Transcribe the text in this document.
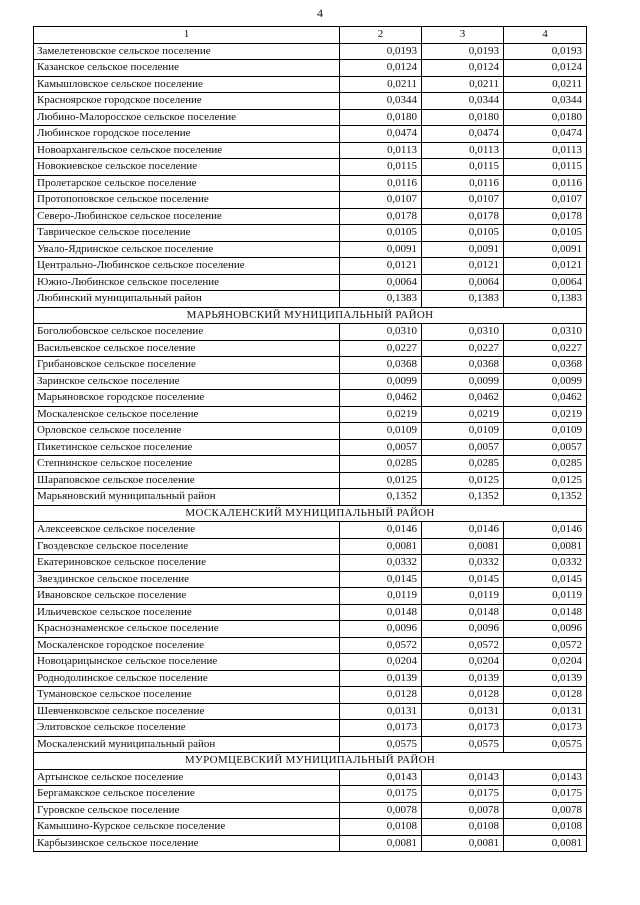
4
1	2	3	4
Замелетеновское сельское поселение	0,0193	0,0193	0,0193
Казанское сельское поселение	0,0124	0,0124	0,0124
Камышловское сельское поселение	0,0211	0,0211	0,0211
Красноярское городское поселение	0,0344	0,0344	0,0344
Любино-Малоросское сельское поселение	0,0180	0,0180	0,0180
Любинское городское поселение	0,0474	0,0474	0,0474
Новоархангельское сельское поселение	0,0113	0,0113	0,0113
Новокиевское сельское поселение	0,0115	0,0115	0,0115
Пролетарское сельское поселение	0,0116	0,0116	0,0116
Протопоповское сельское поселение	0,0107	0,0107	0,0107
Северо-Любинское сельское поселение	0,0178	0,0178	0,0178
Таврическое сельское поселение	0,0105	0,0105	0,0105
Увало-Ядринское сельское поселение	0,0091	0,0091	0,0091
Центрально-Любинское сельское поселение	0,0121	0,0121	0,0121
Южно-Любинское сельское поселение	0,0064	0,0064	0,0064
Любинский муниципальный район	0,1383	0,1383	0,1383
МАРЬЯНОВСКИЙ МУНИЦИПАЛЬНЫЙ РАЙОН			
Боголюбовское сельское поселение	0,0310	0,0310	0,0310
Васильевское сельское поселение	0,0227	0,0227	0,0227
Грибановское сельское поселение	0,0368	0,0368	0,0368
Заринское сельское поселение	0,0099	0,0099	0,0099
Марьяновское городское поселение	0,0462	0,0462	0,0462
Москаленское сельское поселение	0,0219	0,0219	0,0219
Орловское сельское поселение	0,0109	0,0109	0,0109
Пикетинское сельское поселение	0,0057	0,0057	0,0057
Степнинское сельское поселение	0,0285	0,0285	0,0285
Шараповское сельское поселение	0,0125	0,0125	0,0125
Марьяновский муниципальный район	0,1352	0,1352	0,1352
МОСКАЛЕНСКИЙ МУНИЦИПАЛЬНЫЙ РАЙОН			
Алексеевское сельское поселение	0,0146	0,0146	0,0146
Гвоздевское сельское поселение	0,0081	0,0081	0,0081
Екатериновское сельское поселение	0,0332	0,0332	0,0332
Звездинское сельское поселение	0,0145	0,0145	0,0145
Ивановское сельское поселение	0,0119	0,0119	0,0119
Ильичевское сельское поселение	0,0148	0,0148	0,0148
Краснознаменское сельское поселение	0,0096	0,0096	0,0096
Москаленское городское поселение	0,0572	0,0572	0,0572
Новоцарицынское сельское поселение	0,0204	0,0204	0,0204
Роднодолинское сельское поселение	0,0139	0,0139	0,0139
Тумановское сельское поселение	0,0128	0,0128	0,0128
Шевченковское сельское поселение	0,0131	0,0131	0,0131
Элитовское сельское поселение	0,0173	0,0173	0,0173
Москаленский муниципальный район	0,0575	0,0575	0,0575
МУРОМЦЕВСКИЙ МУНИЦИПАЛЬНЫЙ РАЙОН			
Артынское сельское поселение	0,0143	0,0143	0,0143
Бергамакское сельское поселение	0,0175	0,0175	0,0175
Гуровское сельское поселение	0,0078	0,0078	0,0078
Камышино-Курское сельское поселение	0,0108	0,0108	0,0108
Карбызинское сельское поселение	0,0081	0,0081	0,0081
